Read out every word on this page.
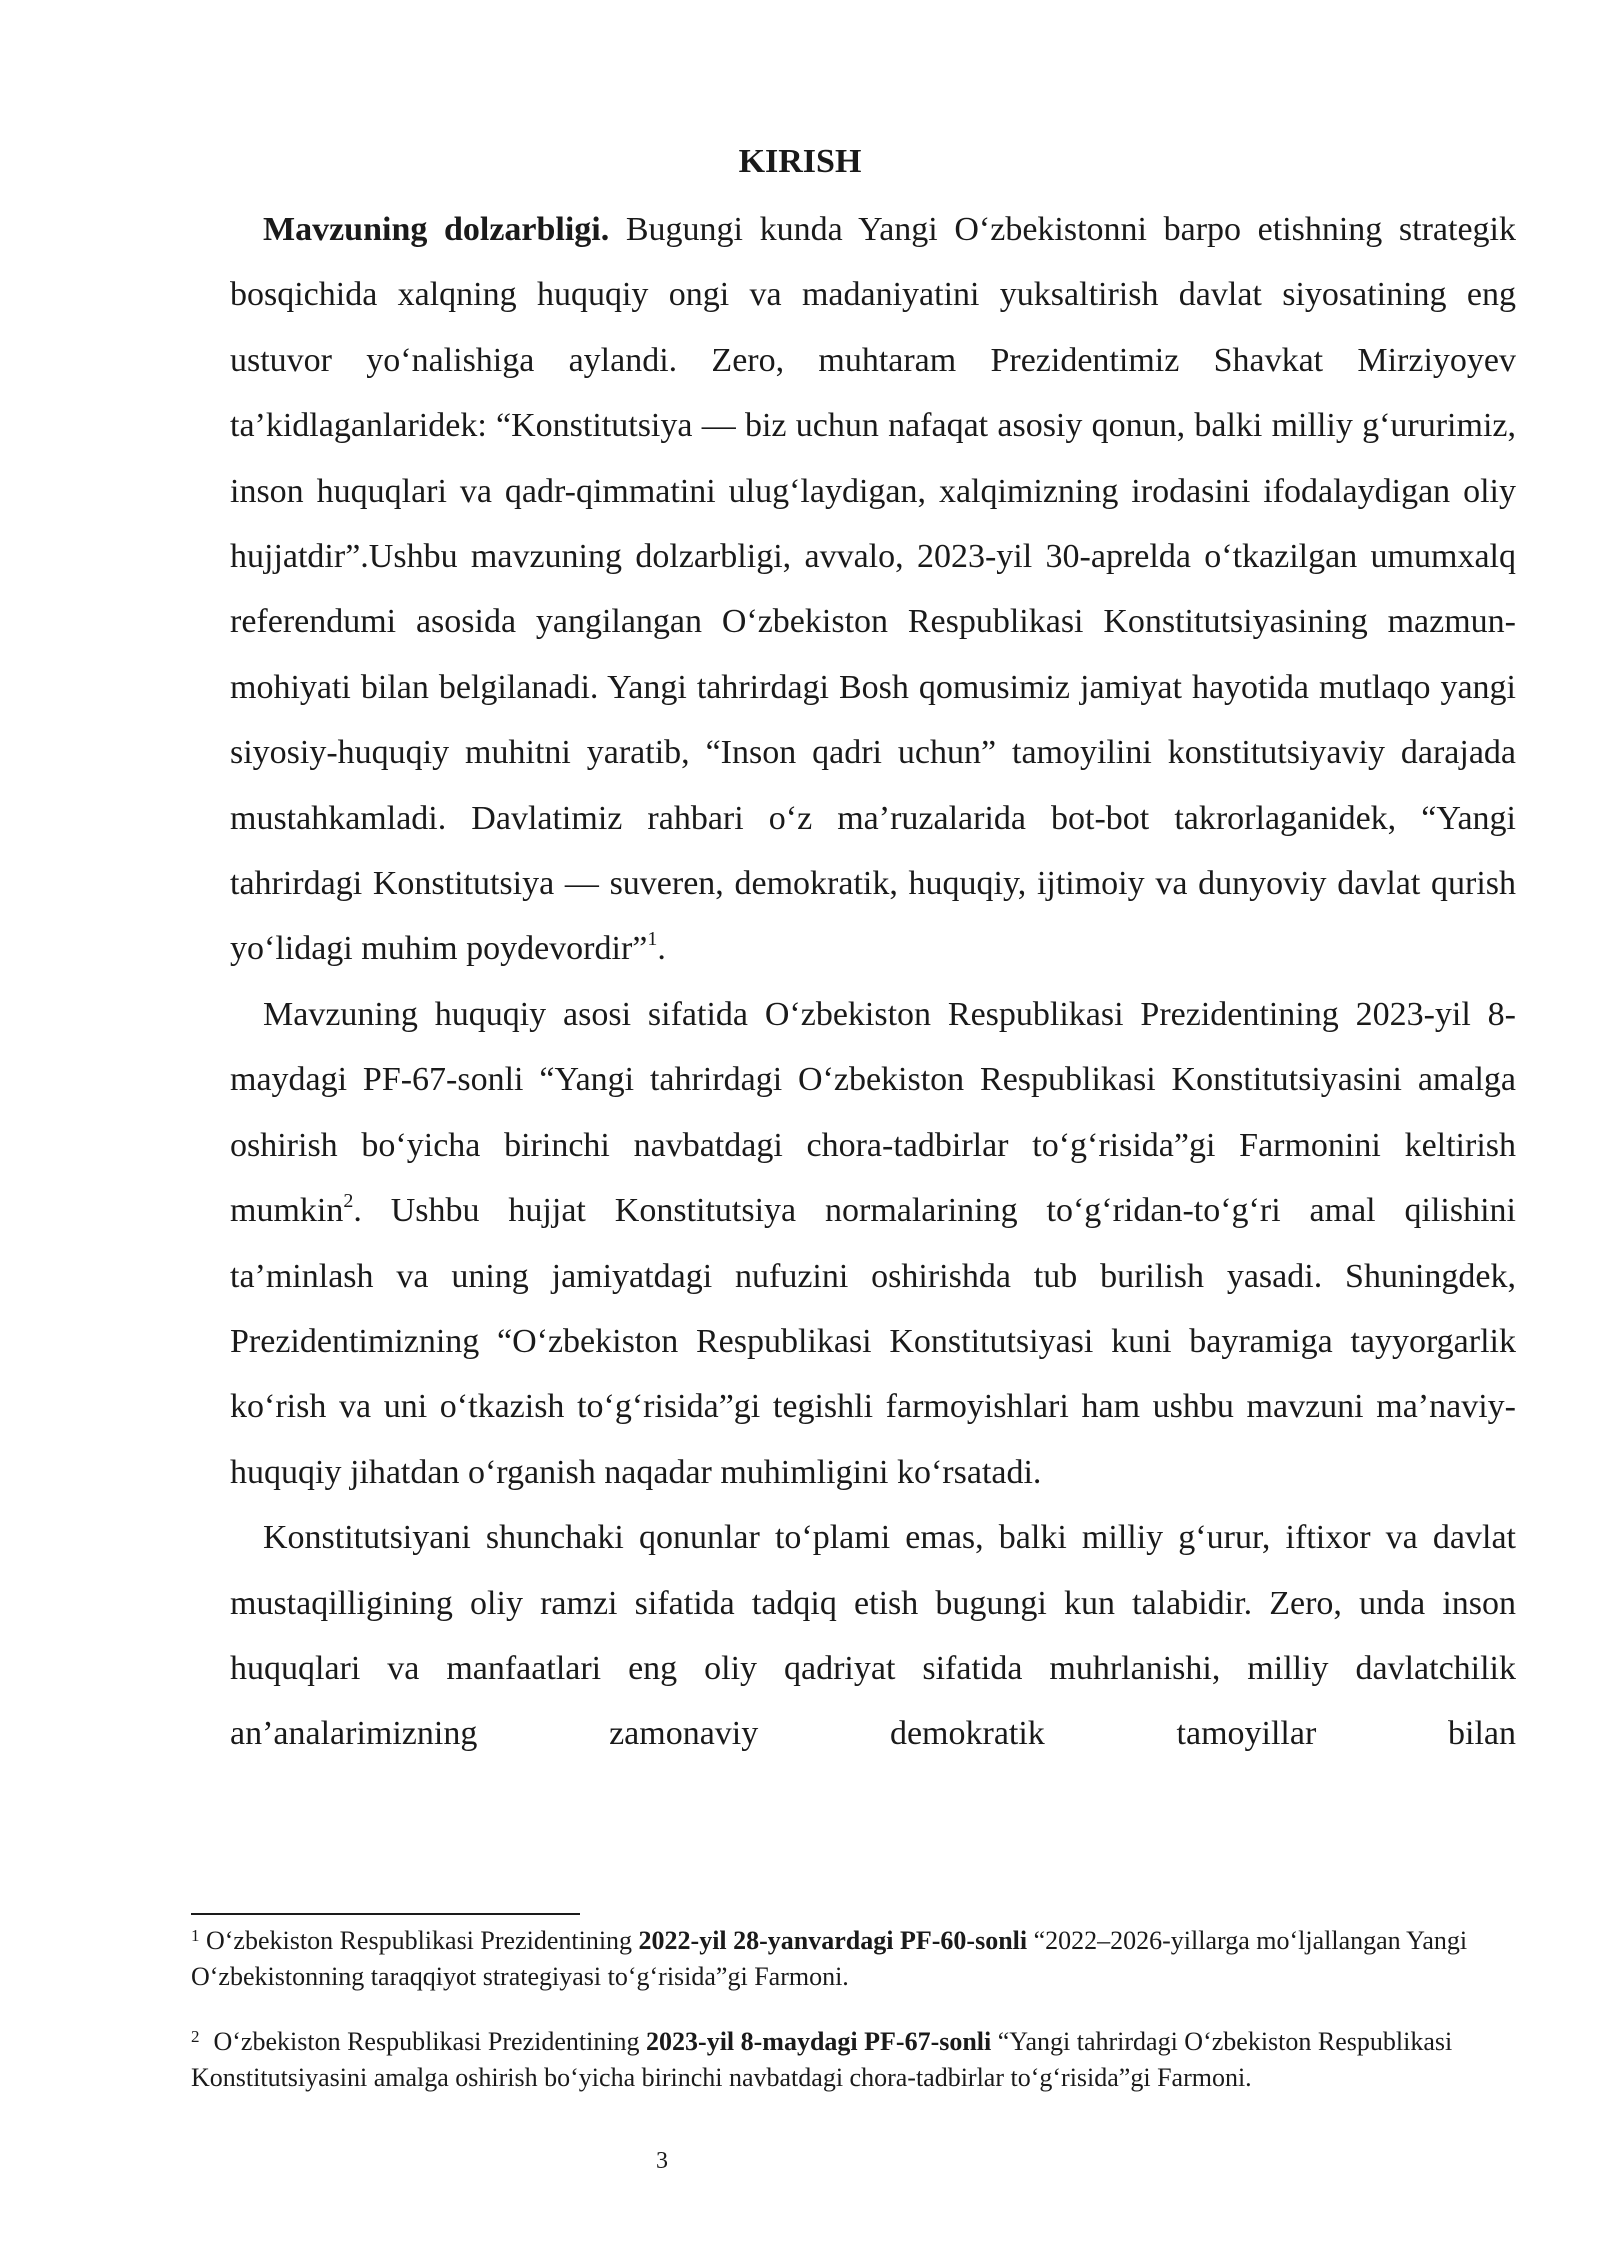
KIRISH

Mavzuning dolzarbligi. Bugungi kunda Yangi O‘zbekistonni barpo etishning strategik bosqichida xalqning huquqiy ongi va madaniyatini yuksaltirish davlat siyosatining eng ustuvor yo‘nalishiga aylandi. Zero, muhtaram Prezidentimiz Shavkat Mirziyoyev ta’kidlaganlaridek: “Konstitutsiya — biz uchun nafaqat asosiy qonun, balki milliy g‘ururimiz, inson huquqlari va qadr-qimmatini ulug‘laydigan, xalqimizning irodasini ifodalaydigan oliy hujjatdir”.Ushbu mavzuning dolzarbligi, avvalo, 2023-yil 30-aprelda o‘tkazilgan umumxalq referendumi asosida yangilangan O‘zbekiston Respublikasi Konstitutsiyasining mazmun-mohiyati bilan belgilanadi. Yangi tahrirdagi Bosh qomusimiz jamiyat hayotida mutlaqo yangi siyosiy-huquqiy muhitni yaratib, “Inson qadri uchun” tamoyilini konstitutsiyaviy darajada mustahkamladi. Davlatimiz rahbari o‘z ma’ruzalarida bot-bot takrorlaganidek, “Yangi tahrirdagi Konstitutsiya — suveren, demokratik, huquqiy, ijtimoiy va dunyoviy davlat qurish yo‘lidagi muhim poydevordir”$^1$.

Mavzuning huquqiy asosi sifatida O‘zbekiston Respublikasi Prezidentining 2023-yil 8-maydagi PF-67-sonli “Yangi tahrirdagi O‘zbekiston Respublikasi Konstitutsiyasini amalga oshirish bo‘yicha birinchi navbatdagi chora-tadbirlar to‘g‘risida”gi Farmonini keltirish mumkin$^2$. Ushbu hujjat Konstitutsiya normalarining to‘g‘ridan-to‘g‘ri amal qilishini ta’minlash va uning jamiyatdagi nufuzini oshirishda tub burilish yasadi. Shuningdek, Prezidentimizning “O‘zbekiston Respublikasi Konstitutsiyasi kuni bayramiga tayyorgarlik ko‘rish va uni o‘tkazish to‘g‘risida”gi tegishli farmoyishlari ham ushbu mavzuni ma’naviy-huquqiy jihatdan o‘rganish naqadar muhimligini ko‘rsatadi.

Konstitutsiyani shunchaki qonunlar to‘plami emas, balki milliy g‘urur, iftixor va davlat mustaqilligining oliy ramzi sifatida tadqiq etish bugungi kun talabidir. Zero, unda inson huquqlari va manfaatlari eng oliy qadriyat sifatida muhrlanishi, milliy davlatchilik an’analarimizning zamonaviy demokratik tamoyillar bilan

$^1$ O‘zbekiston Respublikasi Prezidentining 2022-yil 28-yanvardagi PF-60-sonli “2022–2026-yillarga mo‘ljallangan Yangi O‘zbekistonning taraqqiyot strategiyasi to‘g‘risida”gi Farmoni.

$^2$ O‘zbekiston Respublikasi Prezidentining 2023-yil 8-maydagi PF-67-sonli “Yangi tahrirdagi O‘zbekiston Respublikasi Konstitutsiyasini amalga oshirish bo‘yicha birinchi navbatdagi chora-tadbirlar to‘g‘risida”gi Farmoni.

3
